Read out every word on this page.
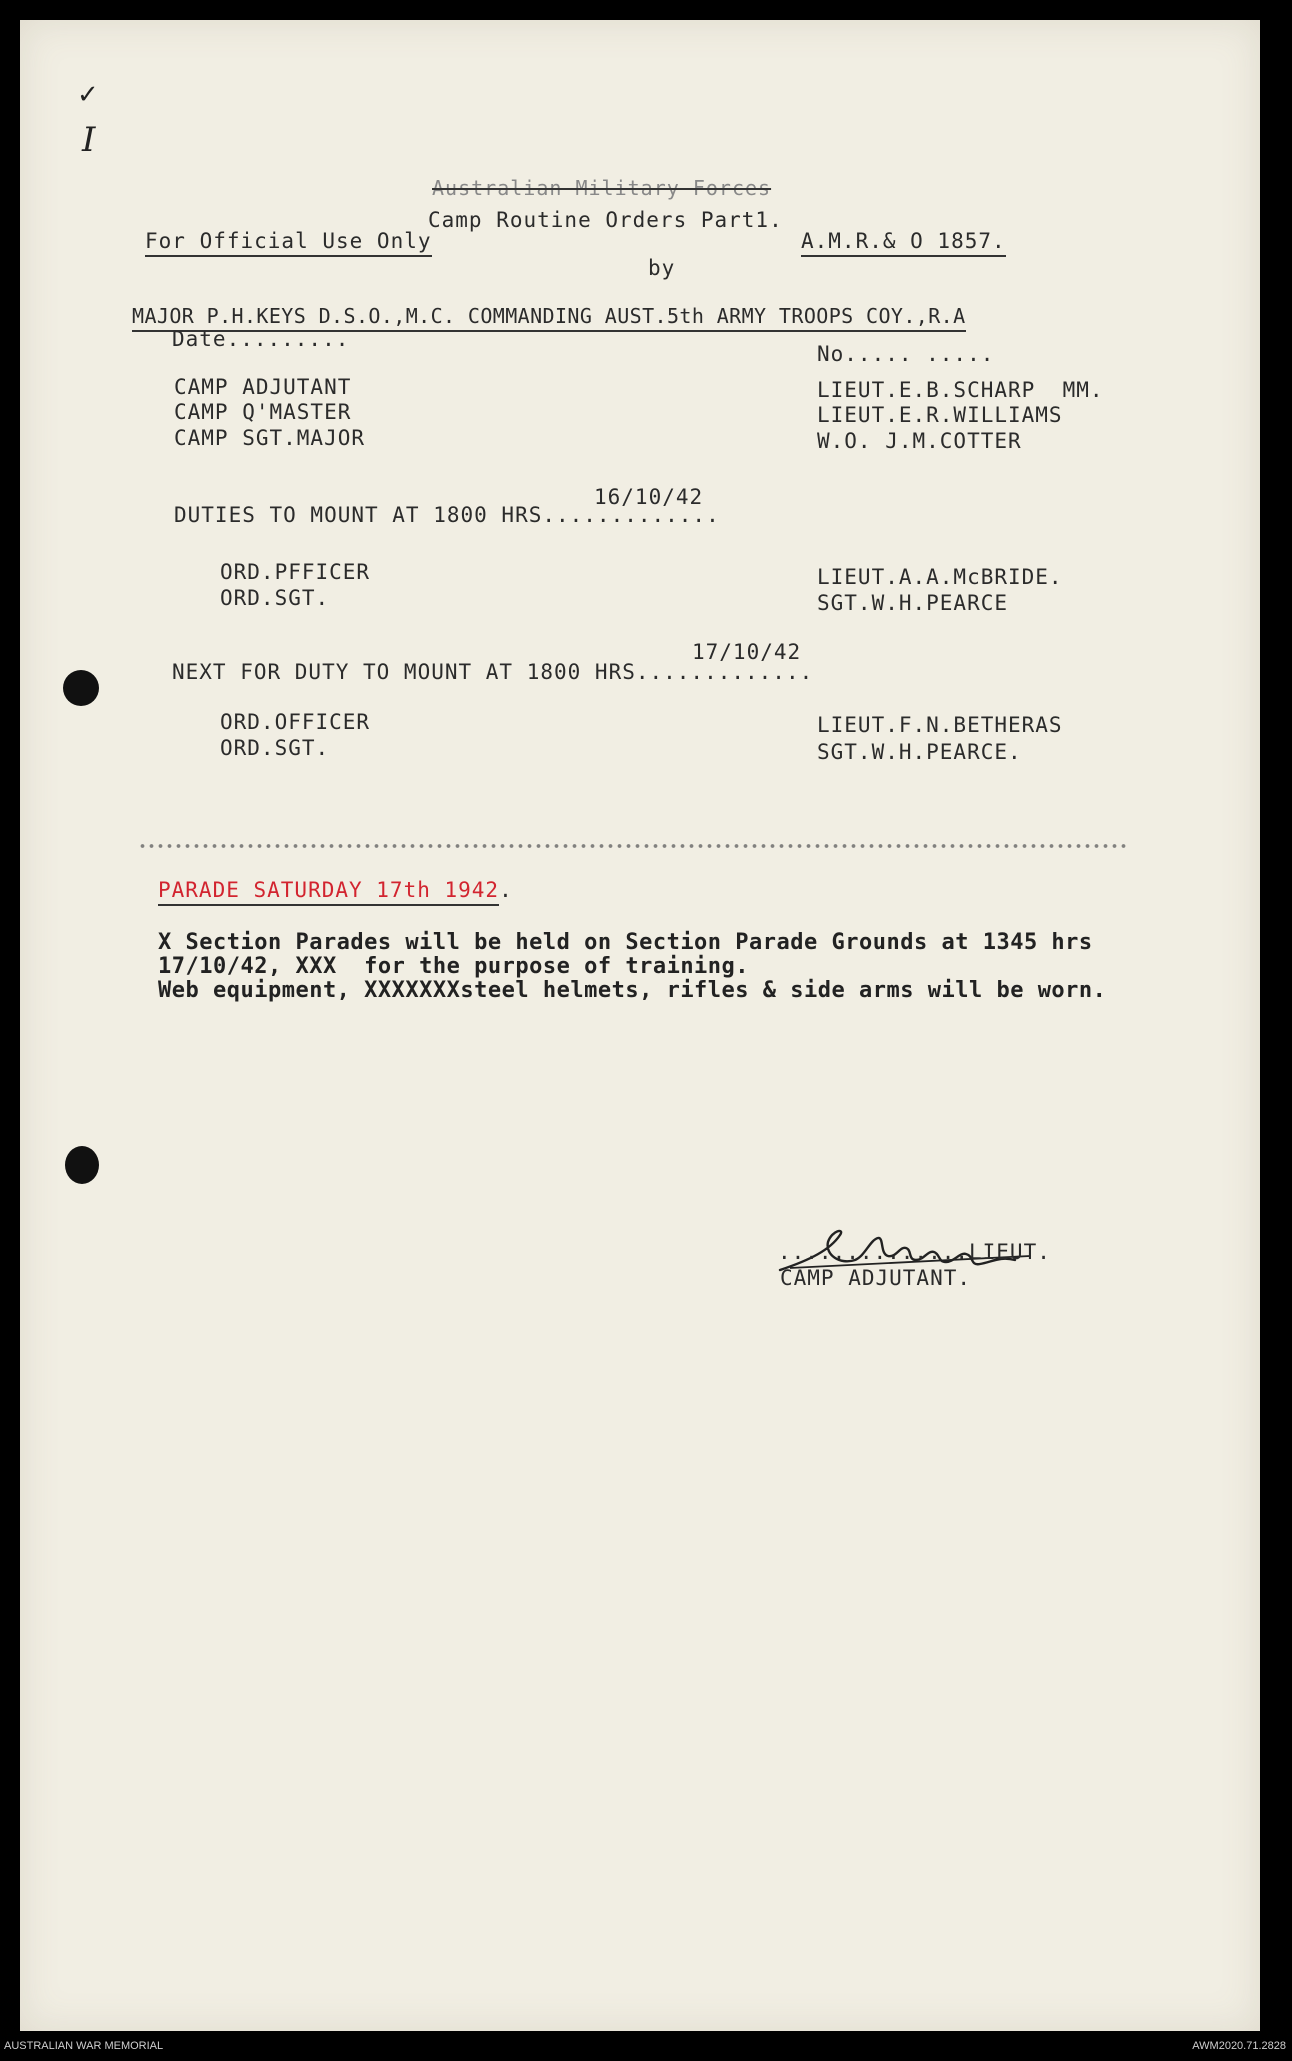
✓
I
Australian Military Forces
Camp Routine Orders Part1.
For Official Use Only	A.M.R.& O 1857.
by
MAJOR P.H.KEYS D.S.O.,M.C. COMMANDING AUST.5th ARMY TROOPS COY.,R.A
Date.........
No..... .....
CAMP ADJUTANT	LIEUT.E.B.SCHARP  MM.
CAMP Q'MASTER	LIEUT.E.R.WILLIAMS
CAMP SGT.MAJOR	W.O. J.M.COTTER
DUTIES TO MOUNT AT 1800 HRS.............
16/10/42
ORD.PFFICER	LIEUT.A.A.McBRIDE.
ORD.SGT.	SGT.W.H.PEARCE
NEXT FOR DUTY TO MOUNT AT 1800 HRS.............
17/10/42
ORD.OFFICER	LIEUT.F.N.BETHERAS
ORD.SGT.	SGT.W.H.PEARCE.
PARADE SATURDAY 17th 1942.
X Section Parades will be held on Section Parade Grounds at 1345 hrs
17/10/42, XXX  for the purpose of training.
Web equipment, XXXXXXXsteel helmets, rifles & side arms will be worn.
..............LIEUT.
CAMP ADJUTANT.
AUSTRALIAN WAR MEMORIAL	AWM2020.71.2828
